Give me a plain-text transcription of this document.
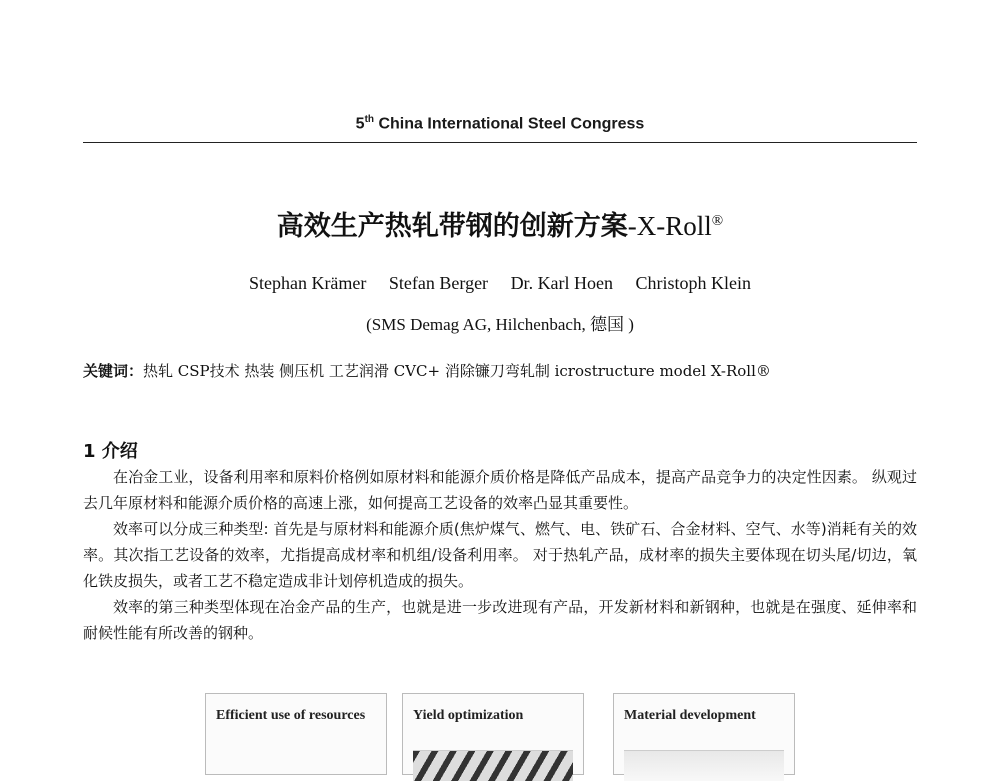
5th China International Steel Congress
高效生产热轧带钢的创新方案-X-Roll®
Stephan Krämer Stefan Berger Dr. Karl Hoen Christoph Klein
(SMS Demag AG, Hilchenbach, 德国 )
关键词：热轧 CSP技术 热装 侧压机 工艺润滑 CVC+ 消除镰刀弯轧制 icrostructure model X-Roll®
1 介绍

在冶金工业，设备利用率和原料价格例如原材料和能源介质价格是降低产品成本，提高产品竞争力的决定性因素。 纵观过去几年原材料和能源介质价格的高速上涨，如何提高工艺设备的效率凸显其重要性。

效率可以分成三种类型: 首先是与原材料和能源介质(焦炉煤气、燃气、电、铁矿石、合金材料、空气、水等)消耗有关的效率。其次指工艺设备的效率，尤指提高成材率和机组/设备利用率。 对于热轧产品，成材率的损失主要体现在切头尾/切边，氧化铁皮损失，或者工艺不稳定造成非计划停机造成的损失。

效率的第三种类型体现在冶金产品的生产，也就是进一步改进现有产品，开发新材料和新钢种，也就是在强度、延伸率和耐候性能有所改善的钢种。

Efficient use of resources	Yield optimization	Material development
